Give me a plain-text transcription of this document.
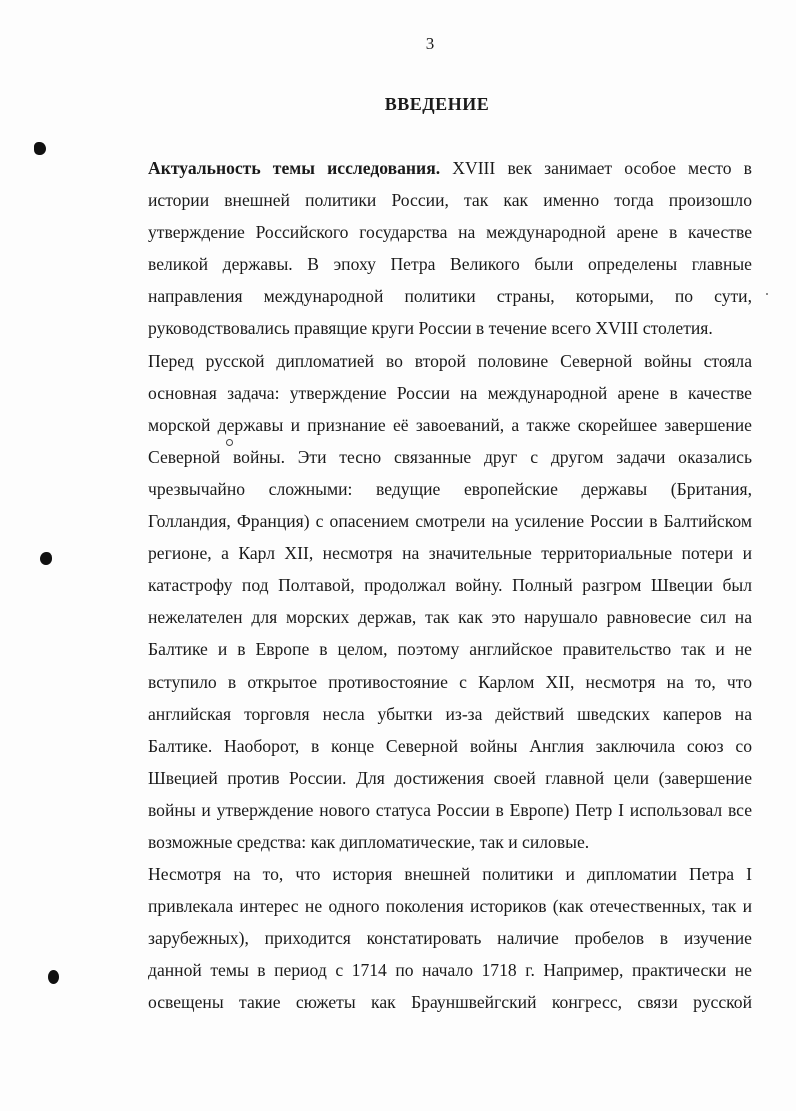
3
ВВЕДЕНИЕ
Актуальность темы исследования. XVIII век занимает особое место в
истории внешней политики России, так как именно тогда произошло
утверждение Российского государства на международной арене в качестве
великой державы. В эпоху Петра Великого были определены главные
направления международной политики страны, которыми, по сути,
руководствовались правящие круги России в течение всего XVIII столетия.
Перед русской дипломатией во второй половине Северной войны стояла
основная задача: утверждение России на международной арене в качестве
морской державы и признание её завоеваний, а также скорейшее завершение
Северной войны. Эти тесно связанные друг с другом задачи оказались
чрезвычайно сложными: ведущие европейские державы (Британия,
Голландия, Франция) с опасением смотрели на усиление России в Балтийском
регионе, а Карл XII, несмотря на значительные территориальные потери и
катастрофу под Полтавой, продолжал войну. Полный разгром Швеции был
нежелателен для морских держав, так как это нарушало равновесие сил на
Балтике и в Европе в целом, поэтому английское правительство так и не
вступило в открытое противостояние с Карлом XII, несмотря на то, что
английская торговля несла убытки из-за действий шведских каперов на
Балтике. Наоборот, в конце Северной войны Англия заключила союз со
Швецией против России. Для достижения своей главной цели (завершение
войны и утверждение нового статуса России в Европе) Петр I использовал все
возможные средства: как дипломатические, так и силовые.
Несмотря на то, что история внешней политики и дипломатии Петра I
привлекала интерес не одного поколения историков (как отечественных, так и
зарубежных), приходится констатировать наличие пробелов в изучение
данной темы в период с 1714 по начало 1718 г. Например, практически не
освещены такие сюжеты как Брауншвейгский конгресс, связи русской
